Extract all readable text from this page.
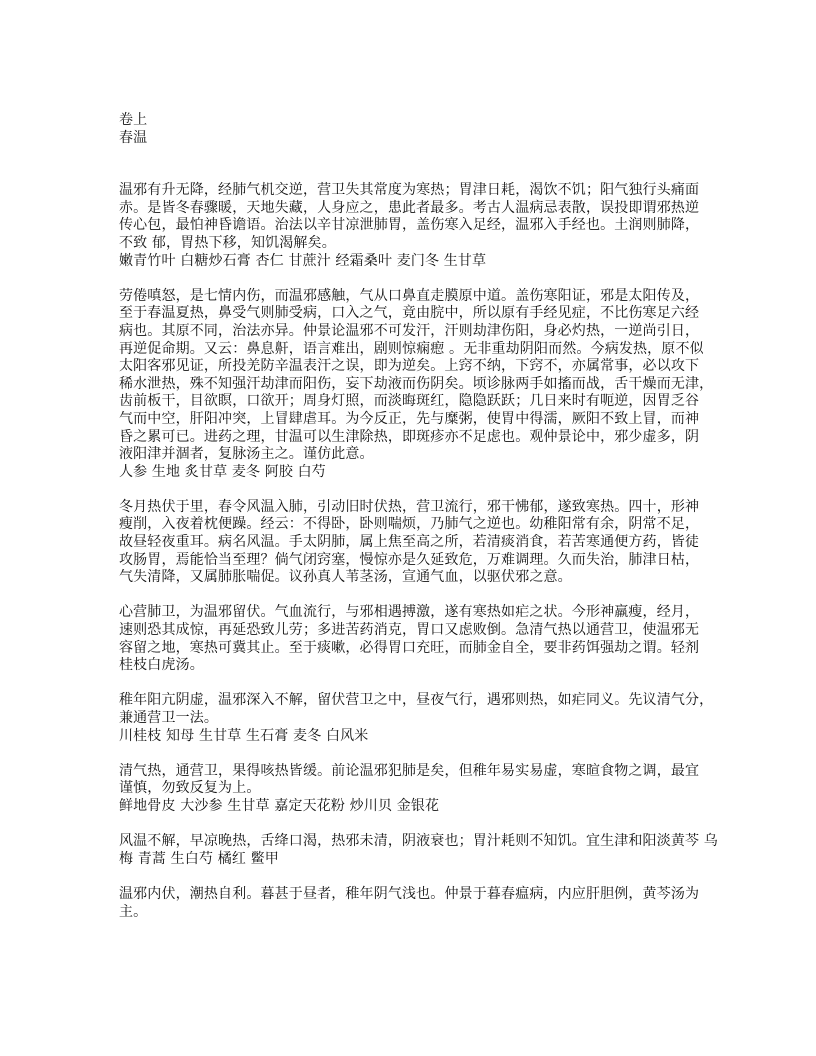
卷上
春温
温邪有升无降，经肺气机交逆，营卫失其常度为寒热；胃津日耗，渴饮不饥；阳气独行头痛面
赤。是皆冬春骤暖，天地失藏，人身应之，患此者最多。考古人温病忌表散，误投即谓邪热逆
传心包，最怕神昏谵语。治法以辛甘凉泄肺胃，盖伤寒入足经，温邪入手经也。土润则肺降，
不致 郁，胃热下移，知饥渴解矣。
嫩青竹叶 白糖炒石膏 杏仁 甘蔗汁 经霜桑叶 麦门冬 生甘草
劳倦嗔怒，是七情内伤，而温邪感触，气从口鼻直走膜原中道。盖伤寒阳证，邪是太阳传及，
至于春温夏热，鼻受气则肺受病，口入之气，竟由脘中，所以原有手经见症，不比伤寒足六经
病也。其原不同，治法亦异。仲景论温邪不可发汗，汗则劫津伤阳，身必灼热，一逆尚引日，
再逆促命期。又云：鼻息鼾，语言难出，剧则惊痫瘛 。无非重劫阴阳而然。今病发热，原不似
太阳客邪见证，所投羌防辛温表汗之误，即为逆矣。上窍不纳，下窍不，亦属常事，必以攻下
稀水泄热，殊不知强汗劫津而阳伤，妄下劫液而伤阴矣。顷诊脉两手如搐而战，舌干燥而无津，
齿前板干，目欲瞑，口欲开；周身灯照，而淡晦斑红，隐隐跃跃；几日来时有呃逆，因胃乏谷
气而中空，肝阳冲突，上冒肆虐耳。为今反正，先与糜粥，使胃中得濡，厥阳不致上冒，而神
昏之累可已。进药之理，甘温可以生津除热，即斑疹亦不足虑也。观仲景论中，邪少虚多，阴
液阳津并涸者，复脉汤主之。谨仿此意。
人参 生地 炙甘草 麦冬 阿胶 白芍
冬月热伏于里，春令风温入肺，引动旧时伏热，营卫流行，邪干怫郁，遂致寒热。四十，形神
瘦削，入夜着枕便躁。经云：不得卧，卧则喘烦，乃肺气之逆也。幼稚阳常有余，阴常不足，
故昼轻夜重耳。病名风温。手太阴肺，属上焦至高之所，若清痰消食，若苦寒通便方药，皆徒
攻肠胃，焉能恰当至理？倘气闭窍塞，慢惊亦是久延致危，万难调理。久而失治，肺津日枯，
气失清降，又属肺胀喘促。议孙真人苇茎汤，宣通气血，以驱伏邪之意。
心营肺卫，为温邪留伏。气血流行，与邪相遇搏激，遂有寒热如疟之状。今形神羸瘦，经月，
速则恐其成惊，再延恐致儿劳；多进苦药消克，胃口又虑败倒。急清气热以通营卫，使温邪无
容留之地，寒热可冀其止。至于痰嗽，必得胃口充旺，而肺金自全，要非药饵强劫之谓。轻剂
桂枝白虎汤。
稚年阳亢阴虚，温邪深入不解，留伏营卫之中，昼夜气行，遇邪则热，如疟同义。先议清气分，
兼通营卫一法。
川桂枝 知母 生甘草 生石膏 麦冬 白风米
清气热，通营卫，果得咳热皆缓。前论温邪犯肺是矣，但稚年易实易虚，寒暄食物之调，最宜
谨慎，勿致反复为上。
鲜地骨皮 大沙参 生甘草 嘉定天花粉 炒川贝 金银花
风温不解，早凉晚热，舌绛口渴，热邪未清，阴液衰也；胃汁耗则不知饥。宜生津和阳淡黄芩 乌
梅 青蒿 生白芍 橘红 鳖甲
温邪内伏，潮热自利。暮甚于昼者，稚年阴气浅也。仲景于暮春瘟病，内应肝胆例，黄芩汤为
主。
